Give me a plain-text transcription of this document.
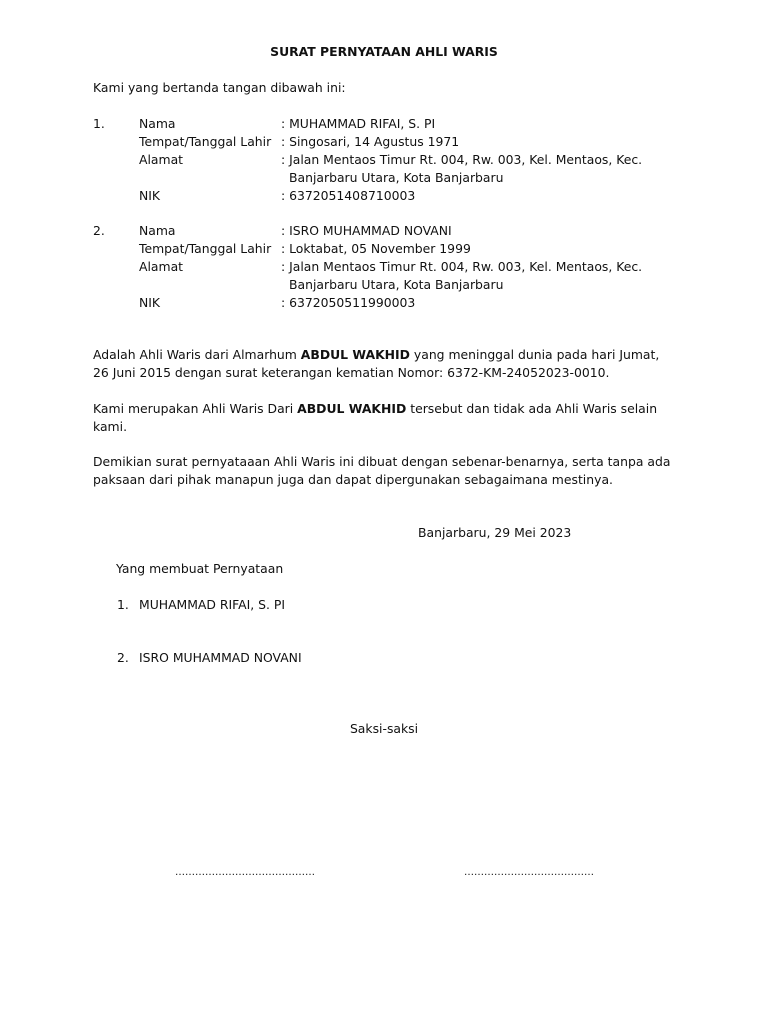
SURAT PERNYATAAN AHLI WARIS
Kami yang bertanda tangan dibawah ini:
1.	Nama	: MUHAMMAD RIFAI, S. PI
Tempat/Tanggal Lahir : Singosari, 14 Agustus 1971
Alamat	: Jalan Mentaos Timur Rt. 004, Rw. 003, Kel. Mentaos, Kec.
Banjarbaru Utara, Kota Banjarbaru
NIK	: 6372051408710003
2.	Nama	: ISRO MUHAMMAD NOVANI
Tempat/Tanggal Lahir : Loktabat, 05 November 1999
Alamat	: Jalan Mentaos Timur Rt. 004, Rw. 003, Kel. Mentaos, Kec.
Banjarbaru Utara, Kota Banjarbaru
NIK	: 6372050511990003

Adalah Ahli Waris dari Almarhum ABDUL WAKHID yang meninggal dunia pada hari Jumat,

26 Juni 2015 dengan surat keterangan kematian Nomor: 6372-KM-24052023-0010.

Kami merupakan Ahli Waris Dari ABDUL WAKHID tersebut dan tidak ada Ahli Waris selain

kami.

Demikian surat pernyataaan Ahli Waris ini dibuat dengan sebenar-benarnya, serta tanpa ada

paksaan dari pihak manapun juga dan dapat dipergunakan sebagaimana mestinya.

Banjarbaru, 29 Mei 2023
Yang membuat Pernyataan
1. MUHAMMAD RIFAI, S. PI
2. ISRO MUHAMMAD NOVANI
Saksi-saksi
……………………………………	…………………………………
